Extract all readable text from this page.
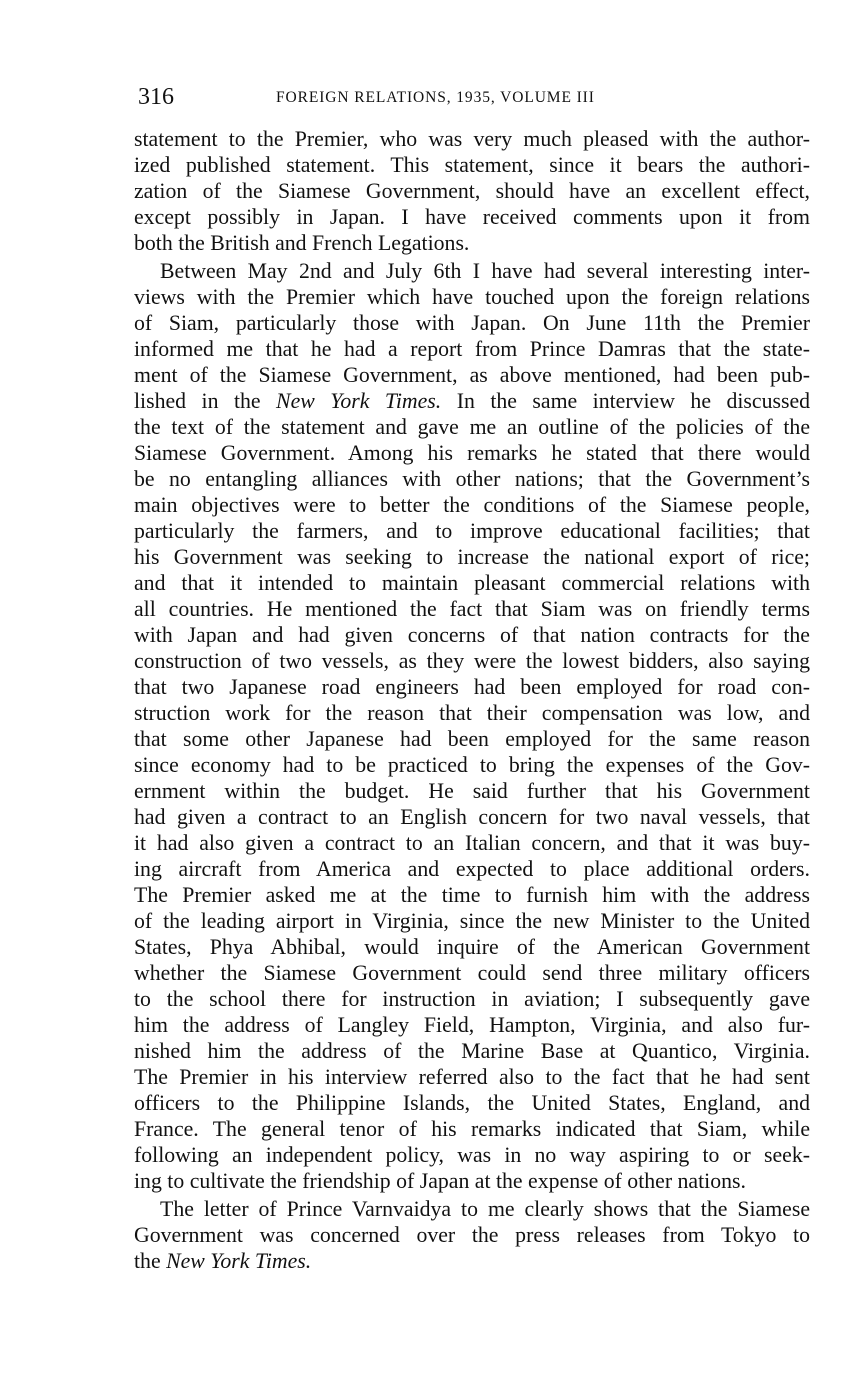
316	FOREIGN RELATIONS, 1935, VOLUME III
statement to the Premier, who was very much pleased with the author-
ized published statement. This statement, since it bears the authori-
zation of the Siamese Government, should have an excellent effect,
except possibly in Japan. I have received comments upon it from
both the British and French Legations.
Between May 2nd and July 6th I have had several interesting inter-
views with the Premier which have touched upon the foreign relations
of Siam, particularly those with Japan. On June 11th the Premier
informed me that he had a report from Prince Damras that the state-
ment of the Siamese Government, as above mentioned, had been pub-
lished in the New York Times. In the same interview he discussed
the text of the statement and gave me an outline of the policies of the
Siamese Government. Among his remarks he stated that there would
be no entangling alliances with other nations; that the Government’s
main objectives were to better the conditions of the Siamese people,
particularly the farmers, and to improve educational facilities; that
his Government was seeking to increase the national export of rice;
and that it intended to maintain pleasant commercial relations with
all countries. He mentioned the fact that Siam was on friendly terms
with Japan and had given concerns of that nation contracts for the
construction of two vessels, as they were the lowest bidders, also saying
that two Japanese road engineers had been employed for road con-
struction work for the reason that their compensation was low, and
that some other Japanese had been employed for the same reason
since economy had to be practiced to bring the expenses of the Gov-
ernment within the budget. He said further that his Government
had given a contract to an English concern for two naval vessels, that
it had also given a contract to an Italian concern, and that it was buy-
ing aircraft from America and expected to place additional orders.
The Premier asked me at the time to furnish him with the address
of the leading airport in Virginia, since the new Minister to the United
States, Phya Abhibal, would inquire of the American Government
whether the Siamese Government could send three military officers
to the school there for instruction in aviation; I subsequently gave
him the address of Langley Field, Hampton, Virginia, and also fur-
nished him the address of the Marine Base at Quantico, Virginia.
The Premier in his interview referred also to the fact that he had sent
officers to the Philippine Islands, the United States, England, and
France. The general tenor of his remarks indicated that Siam, while
following an independent policy, was in no way aspiring to or seek-
ing to cultivate the friendship of Japan at the expense of other nations.
The letter of Prince Varnvaidya to me clearly shows that the Siamese
Government was concerned over the press releases from Tokyo to
the New York Times.
